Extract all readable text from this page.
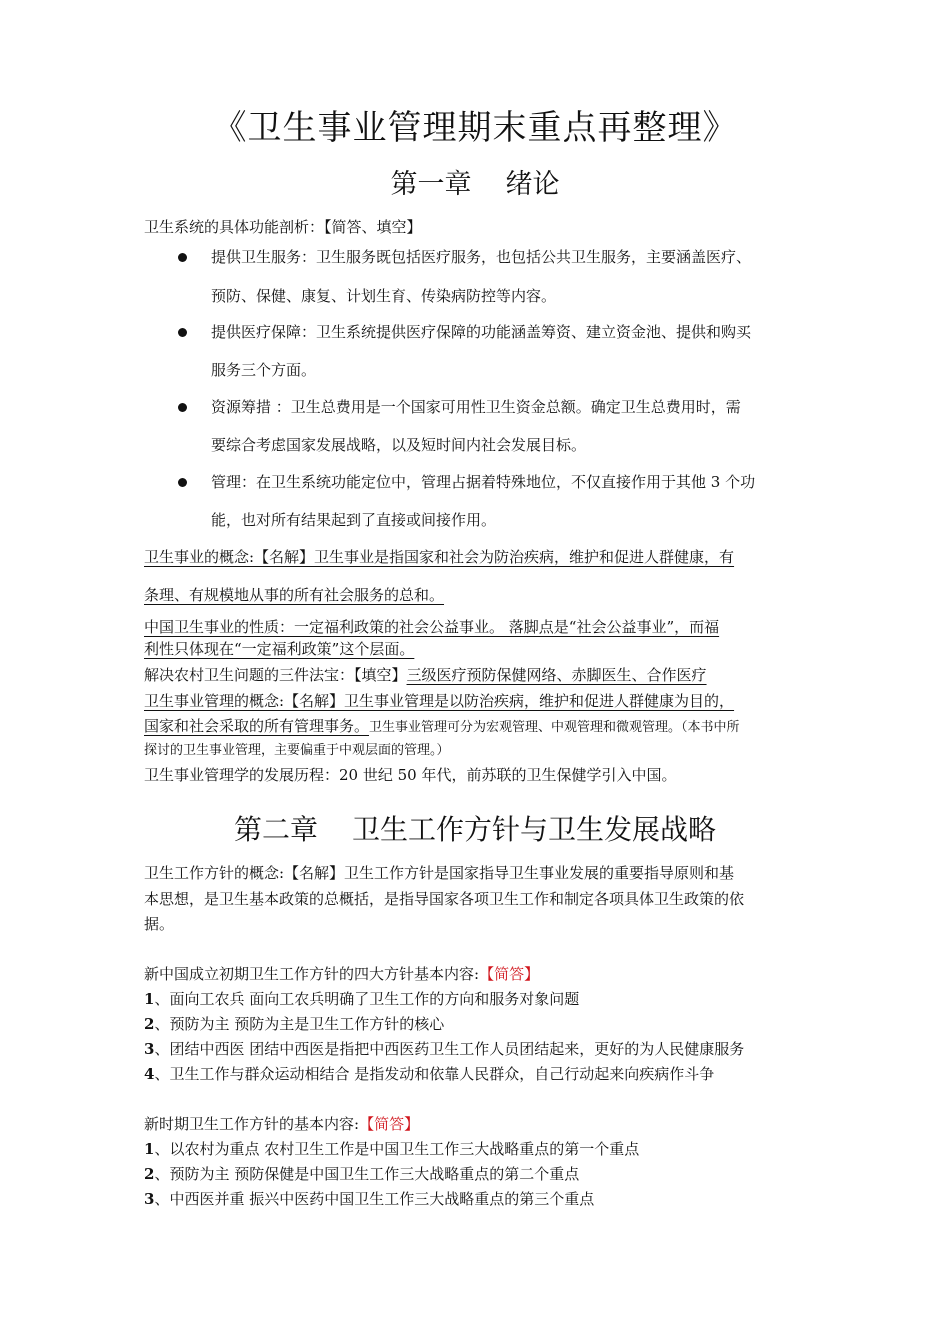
《卫生事业管理期末重点再整理》
第一章 绪论
卫生系统的具体功能剖析：【简答、填空】
提供卫生服务：卫生服务既包括医疗服务，也包括公共卫生服务，主要涵盖医疗、
预防、保健、康复、计划生育、传染病防控等内容。
提供医疗保障：卫生系统提供医疗保障的功能涵盖筹资、建立资金池、提供和购买
服务三个方面。
资源筹措 ：卫生总费用是一个国家可用性卫生资金总额。确定卫生总费用时，需
要综合考虑国家发展战略，以及短时间内社会发展目标。
管理：在卫生系统功能定位中，管理占据着特殊地位，不仅直接作用于其他 3 个功
能，也对所有结果起到了直接或间接作用。
卫生事业的概念:【名解】卫生事业是指国家和社会为防治疾病，维护和促进人群健康，有
条理、有规模地从事的所有社会服务的总和。
中国卫生事业的性质：一定福利政策的社会公益事业。 落脚点是“社会公益事业”，而福
利性只体现在“一定福利政策”这个层面。
解决农村卫生问题的三件法宝：【填空】三级医疗预防保健网络、赤脚医生、合作医疗
卫生事业管理的概念:【名解】卫生事业管理是以防治疾病，维护和促进人群健康为目的，
国家和社会采取的所有管理事务。卫生事业管理可分为宏观管理、中观管理和微观管理。（本书中所
探讨的卫生事业管理，主要偏重于中观层面的管理。）
卫生事业管理学的发展历程：20 世纪 50 年代，前苏联的卫生保健学引入中国。
第二章 卫生工作方针与卫生发展战略
卫生工作方针的概念:【名解】卫生工作方针是国家指导卫生事业发展的重要指导原则和基
本思想，是卫生基本政策的总概括，是指导国家各项卫生工作和制定各项具体卫生政策的依
据。
新中国成立初期卫生工作方针的四大方针基本内容:【简答】
1、面向工农兵 面向工农兵明确了卫生工作的方向和服务对象问题
2、预防为主 预防为主是卫生工作方针的核心
3、团结中西医 团结中西医是指把中西医药卫生工作人员团结起来，更好的为人民健康服务
4、卫生工作与群众运动相结合 是指发动和依靠人民群众，自己行动起来向疾病作斗争
新时期卫生工作方针的基本内容:【简答】
1、以农村为重点 农村卫生工作是中国卫生工作三大战略重点的第一个重点
2、预防为主 预防保健是中国卫生工作三大战略重点的第二个重点
3、中西医并重 振兴中医药中国卫生工作三大战略重点的第三个重点
